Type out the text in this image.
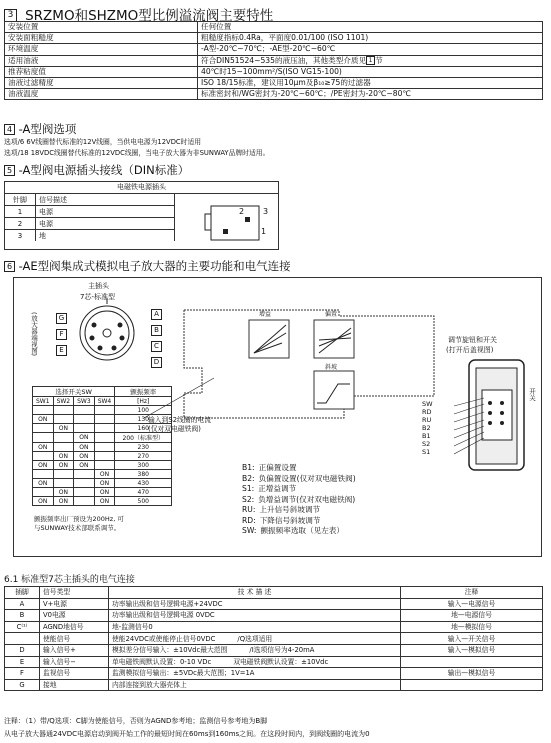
3 SRZMO和SHZMO型比例溢流阀主要特性
安装位置	任何位置
安装面粗糙度	粗糙度指标0.4Ra，平面度0.01/100 (ISO 1101)
环境温度	-A型-20℃~70℃；-AE型-20℃~60℃
适用油液	符合DIN51524~535的液压油，其他类型介质见 1 节
推荐粘度值	40℃时15~100mm²/S(ISO VG15-100)
油液过滤精度	ISO 18/15标准，建议用10μm及β₁₀≥75的过滤器
油液温度	标准密封和/WG密封为-20℃~60℃；/PE密封为-20℃~80℃
4 -A型阀选项
选项/6 6V线圈替代标准的12V线圈，当供电电源为12VDC时适用
选项/18 18VDC线圈替代标准的12VDC线圈，当电子放大器为非SUNWAY品牌时适用。
5 -A型阀电源插头接线（DIN标准）
电磁铁电源插头
针脚	信号描述
1	电源
2	电源
3	地
2 3
1
6 -AE型阀集成式模拟电子放大器的主要功能和电气连接
主插头
7芯-标准型
(放大器端视图)	G
F
E
A
B
C
D
增益	偏置
斜坡
调节旋钮和开关
(打开后盖视图)
开关
SW
RD
RU
B2
B1
S2
S1
选择开关SW				颤振频率
SW1	SW2	SW3	SW4	[Hz]
				100
ON				130
	ON			160
		ON		200（标准型）
ON		ON		230
	ON	ON		270
ON	ON	ON		300
			ON	380
ON			ON	430
	ON		ON	470
ON	ON		ON	500
颤振频率出厂预设为200Hz, 可
与SUNWAY技术部联系调节。
输入到S2线圈的电流
(仅对双电磁铁阀)
B1: 正偏置设置
B2: 负偏置设置(仅对双电磁铁阀)
S1: 正增益调节
S2: 负增益调节(仅对双电磁铁阀)
RU: 上升信号斜坡调节
RD: 下降信号斜坡调节
SW: 颤振频率选取（见左表）
6.1 标准型7芯主插头的电气连接
插脚	信号类型	技 术 描 述	注释
A	V+电源	功率输出级和信号逻辑电源+24VDC	输入—电源信号
B	V0电源	功率输出级和信号逻辑电源 0VDC	地—电源信号
C⁽¹⁾	AGND地信号	地-监测信号0	地—模拟信号
	使能信号	使能24VDC或使能停止信号0VDC /Q选项适用	输入—开关信号
D	输入信号+	模拟差分信号输入：±10Vdc最大范围 /I选项信号为4-20mA	输入—模拟信号
E	输入信号−	单电磁铁阀默认设置：0-10 VDc 双电磁铁阀默认设置：±10Vdc	
F	监视信号	监测模拟信号输出：±5VDc最大范围；1V=1A	输出—模拟信号
G	接地	内部连接到放大器壳体上	
注释：（1）带/Q选项：C脚为使能信号，否则为AGND参考地；监测信号参考地为B脚
从电子放大器通24VDC电源启动到阀开始工作的最短时间在60ms到160ms之间。在这段时间内，到阀线圈的电流为0
